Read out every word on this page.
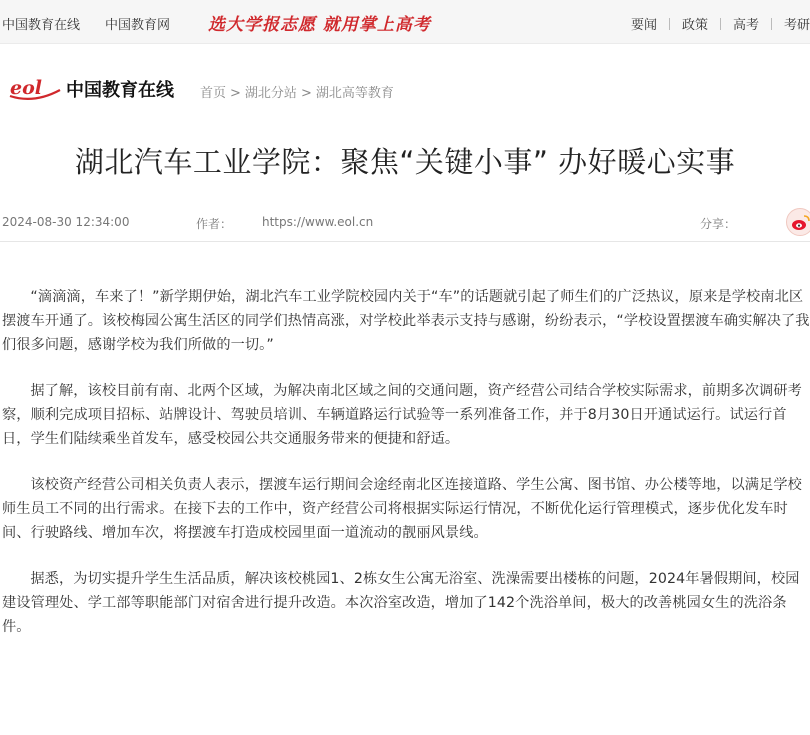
中国教育在线 中国教育网 选大学报志愿 就用掌上高考	要闻 政策 高考 考研
eol 中国教育在线 首页 > 湖北分站 > 湖北高等教育
湖北汽车工业学院：聚焦“关键小事” 办好暖心实事
2024-08-30 12:34:00	作者： https://www.eol.cn	分享：

“滴滴滴，车来了！”新学期伊始，湖北汽车工业学院校园内关于“车”的话题就引起了师生们的广泛热议，原来是学校南北区摆渡车开通了。该校梅园公寓生活区的同学们热情高涨，对学校此举表示支持与感谢，纷纷表示，“学校设置摆渡车确实解决了我们很多问题，感谢学校为我们所做的一切。”

据了解，该校目前有南、北两个区域，为解决南北区域之间的交通问题，资产经营公司结合学校实际需求，前期多次调研考察，顺利完成项目招标、站牌设计、驾驶员培训、车辆道路运行试验等一系列准备工作，并于8月30日开通试运行。试运行首日，学生们陆续乘坐首发车，感受校园公共交通服务带来的便捷和舒适。

该校资产经营公司相关负责人表示，摆渡车运行期间会途经南北区连接道路、学生公寓、图书馆、办公楼等地，以满足学校师生员工不同的出行需求。在接下去的工作中，资产经营公司将根据实际运行情况，不断优化运行管理模式，逐步优化发车时间、行驶路线、增加车次，将摆渡车打造成校园里面一道流动的靓丽风景线。

据悉，为切实提升学生生活品质，解决该校桃园1、2栋女生公寓无浴室、洗澡需要出楼栋的问题，2024年暑假期间，校园建设管理处、学工部等职能部门对宿舍进行提升改造。本次浴室改造，增加了142个洗浴单间，极大的改善桃园女生的洗浴条件。
